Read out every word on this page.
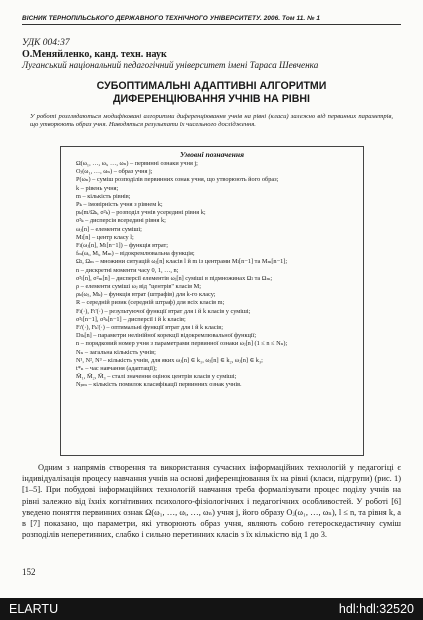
ВІСНИК ТЕРНОПІЛЬСЬКОГО ДЕРЖАВНОГО ТЕХНІЧНОГО УНІВЕРСИТЕТУ. 2006. Том 11. № 1
УДК 004:37
О.Меняйленко, канд. техн. наук
Луганський національний педагогічний університет імені Тараса Шевченка
СУБОПТИМАЛЬНІ АДАПТИВНІ АЛГОРИТМИ
ДИФЕРЕНЦІЮВАННЯ УЧНІВ НА РІВНІ
У роботі розглядаються модифіковані алгоритми диференціювання учнів на рівні (класи) залежно від первинних параметрів, що утворюють образ учня. Наводяться результати їх чисельного дослідження.
Умовні позначення
Ω(ω₁, …, ωᵢ, …, ωₙ) – первинні ознаки учня j;
Oⱼ(ω₁, …, ωₙ) – образ учня j;
P(ωₙ) – суміш розподілів первинних ознак учня, що утворюють його образ;
k – рівень учня;
m – кількість рівнів;
Pₖ – імовірність учня з рівнем k;
pₖ(m/Ωₖ, σ²ₖ) – розподіл учнів усередині рівня k;
σ²ₖ – дисперсія всередині рівня k;
ωⱼ[n] – елементи суміші;
Mₗ[n] – центр класу l;
Fₗ(ωⱼ[n], Mₗ[n−1]) – функція втрат;
fₘ(ωᵢ, Mᵢ, Mₘ) – відокремлювальна функція;
Ωₗ, Ωₘ – множини ситуацій ωⱼ[n] класів l й m із центрами Mₗ[n−1] та Mₘ[n−1];
n – дискретні моменти часу 0, 1, …, n;
σ²ₗ[n], σ²ₘ[n] – дисперсії елементів ωⱼ[n] суміші в підмножинах Ωₗ та Ωₘ;
ρ – елементи суміші ωⱼ від "центрів" класів M;
ρₖ(ωⱼ, Mₖ) – функція втрат (штрафів) для k-го класу;
R – середній ризик (середній штраф) для всіх класів m;
Fₗ(·), Fₗ'(·) – результуючої функції втрат для i й k класів у суміші;
σ²ₗ[n−1], σ²ₖ[n−1] – дисперсії i й k класів;
Fₗ'(·), Fₖ'(·) – оптимальні функції втрат для i й k класів;
Dₗₖ[n] – параметри нелінійної корекції відокремлювальної функції;
n – порядковий номер учня з параметрами первинної ознаки ωⱼ[n] (1 ≤ n ≤ Nₙ);
Nₙ – загальна кількість учнів;
N¹, N², N³ – кількість учнів, для яких ωⱼ[n] ∈ k₁, ωⱼ[n] ∈ k₂, ωⱼ[n] ∈ k₃;
t*ₙ – час навчання (адаптації);
M̄₁, M̄₂, M̄₃ – сталі значення оцінок центрів класів у суміші;
Nₚₘ – кількість помилок класифікації первинних ознак учнів.
Одним з напрямів створення та використання сучасних інформаційних технологій у педагогіці є індивідуалізація процесу навчання учнів на основі диференціювання їх на рівні (класи, підгрупи) (рис. 1) [1–5]. При побудові інформаційних технологій навчання треба формалізувати процес поділу учнів на рівні залежно від їхніх когнітивних психолого-фізіологічних і педагогічних особливостей. У роботі [6] уведено поняття первинних ознак Ω(ω₁, …, ωᵢ, …, ωₙ) учня j, його образу Oⱼ(ω₁, …, ωₙ), l ≤ n, та рівня k, а в [7] показано, що параметри, які утворюють образ учня, являють собою гетероскедастичну суміш розподілів неперетинних, слабко і сильно перетинних класів з їх кількістю від 1 до 3.
152
ELARTU	hdl:hdl:32520
